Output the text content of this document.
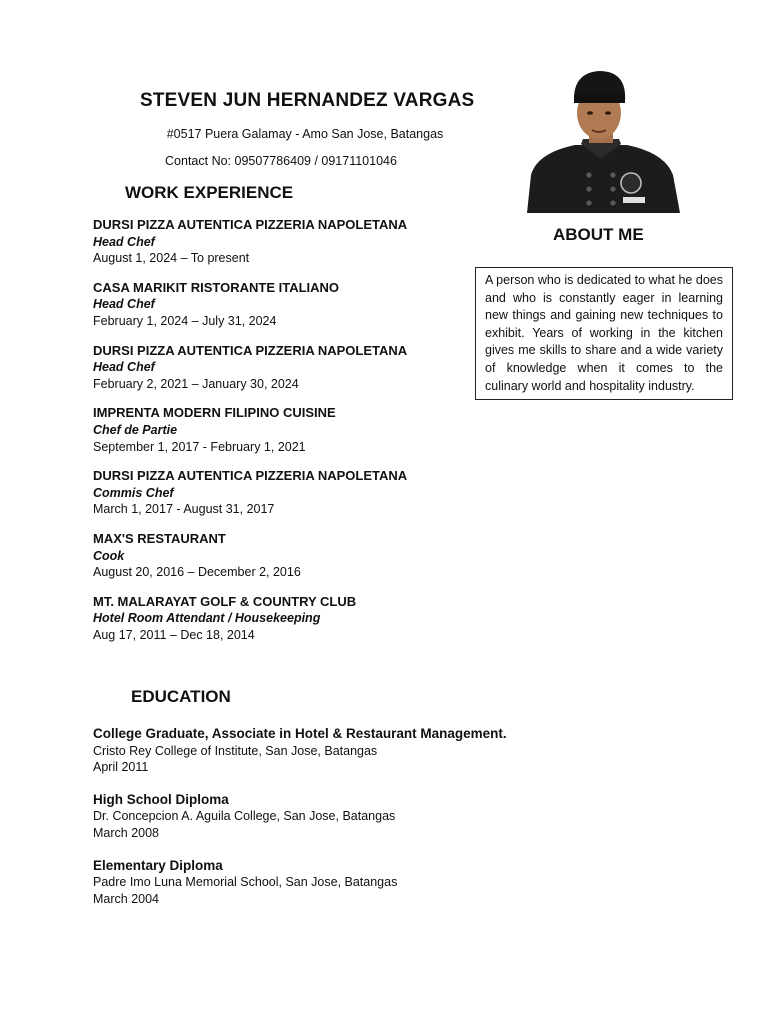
STEVEN JUN HERNANDEZ VARGAS
#0517 Puera Galamay - Amo San Jose, Batangas
Contact No: 09507786409 / 09171101046
WORK EXPERIENCE
DURSI PIZZA AUTENTICA PIZZERIA NAPOLETANA
Head Chef
August 1, 2024 – To present
CASA MARIKIT RISTORANTE ITALIANO
Head Chef
February 1, 2024 – July 31, 2024
DURSI PIZZA AUTENTICA PIZZERIA NAPOLETANA
Head Chef
February 2, 2021 – January 30, 2024
IMPRENTA MODERN FILIPINO CUISINE
Chef de Partie
September 1, 2017 - February 1, 2021
DURSI PIZZA AUTENTICA PIZZERIA NAPOLETANA
Commis Chef
March 1, 2017 - August 31, 2017
MAX'S RESTAURANT
Cook
August 20, 2016 – December 2, 2016
MT. MALARAYAT GOLF & COUNTRY CLUB
Hotel Room Attendant / Housekeeping
Aug 17, 2011 – Dec 18, 2014
EDUCATION
College Graduate, Associate in Hotel & Restaurant Management.
Cristo Rey College of Institute, San Jose, Batangas
April 2011
High School Diploma
Dr. Concepcion A. Aguila College, San Jose, Batangas
March 2008
Elementary Diploma
Padre Imo Luna Memorial School, San Jose, Batangas
March 2004
ABOUT ME
A person who is dedicated to what he does and who is constantly eager in learning new things and gaining new techniques to exhibit. Years of working in the kitchen gives me skills to share and a wide variety of knowledge when it comes to the culinary world and hospitality industry.
